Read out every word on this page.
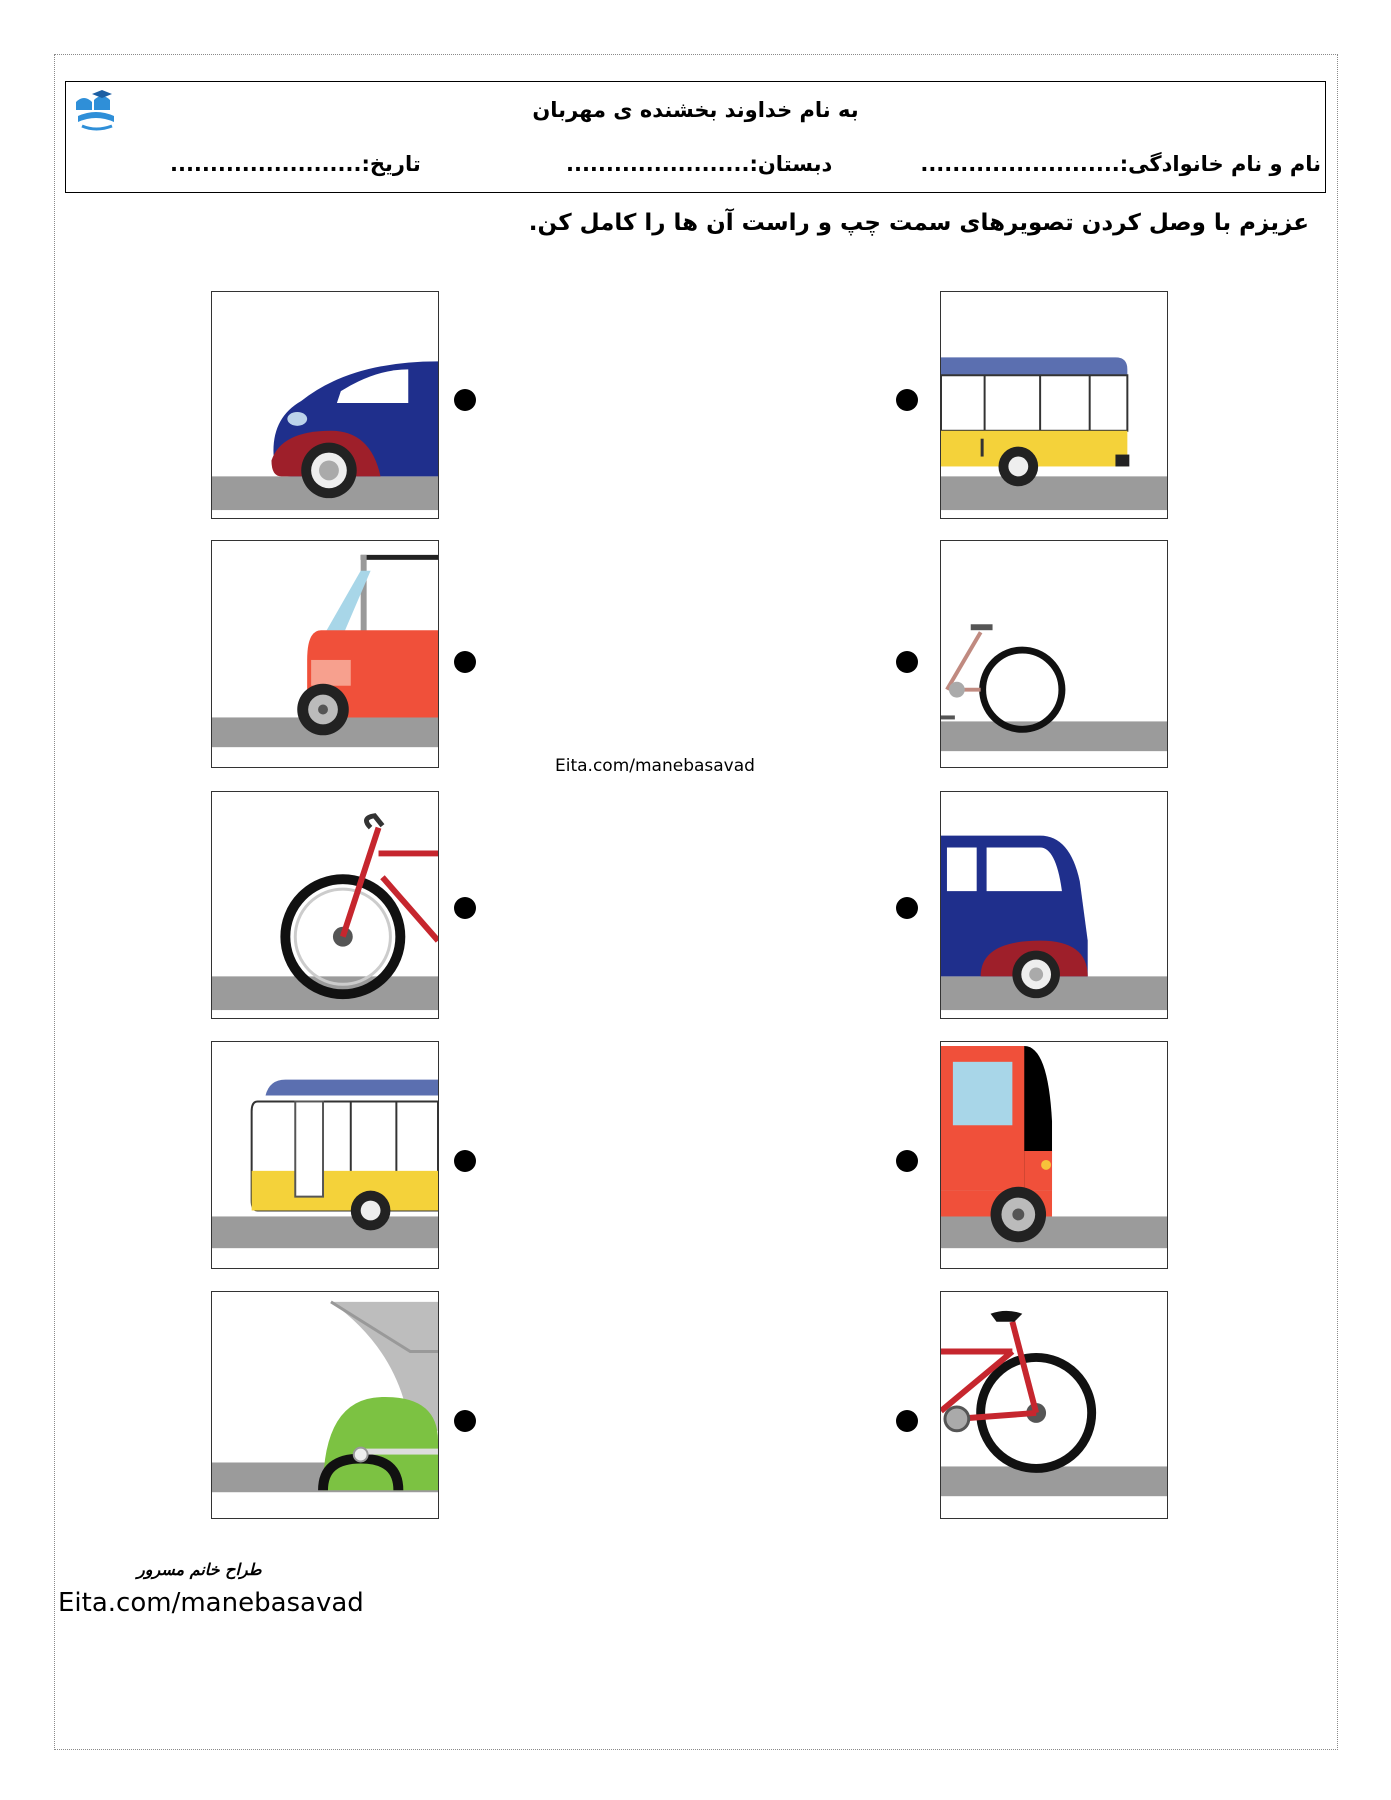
به نام خداوند بخشنده ی مهربان
نام و نام خانوادگی:.........................
دبستان:.......................
تاریخ:........................
عزیزم با وصل کردن تصویرهای سمت چپ و راست آن ها را کامل کن.
Eita.com/manebasavad
طراح خانم مسرور
Eita.com/manebasavad
